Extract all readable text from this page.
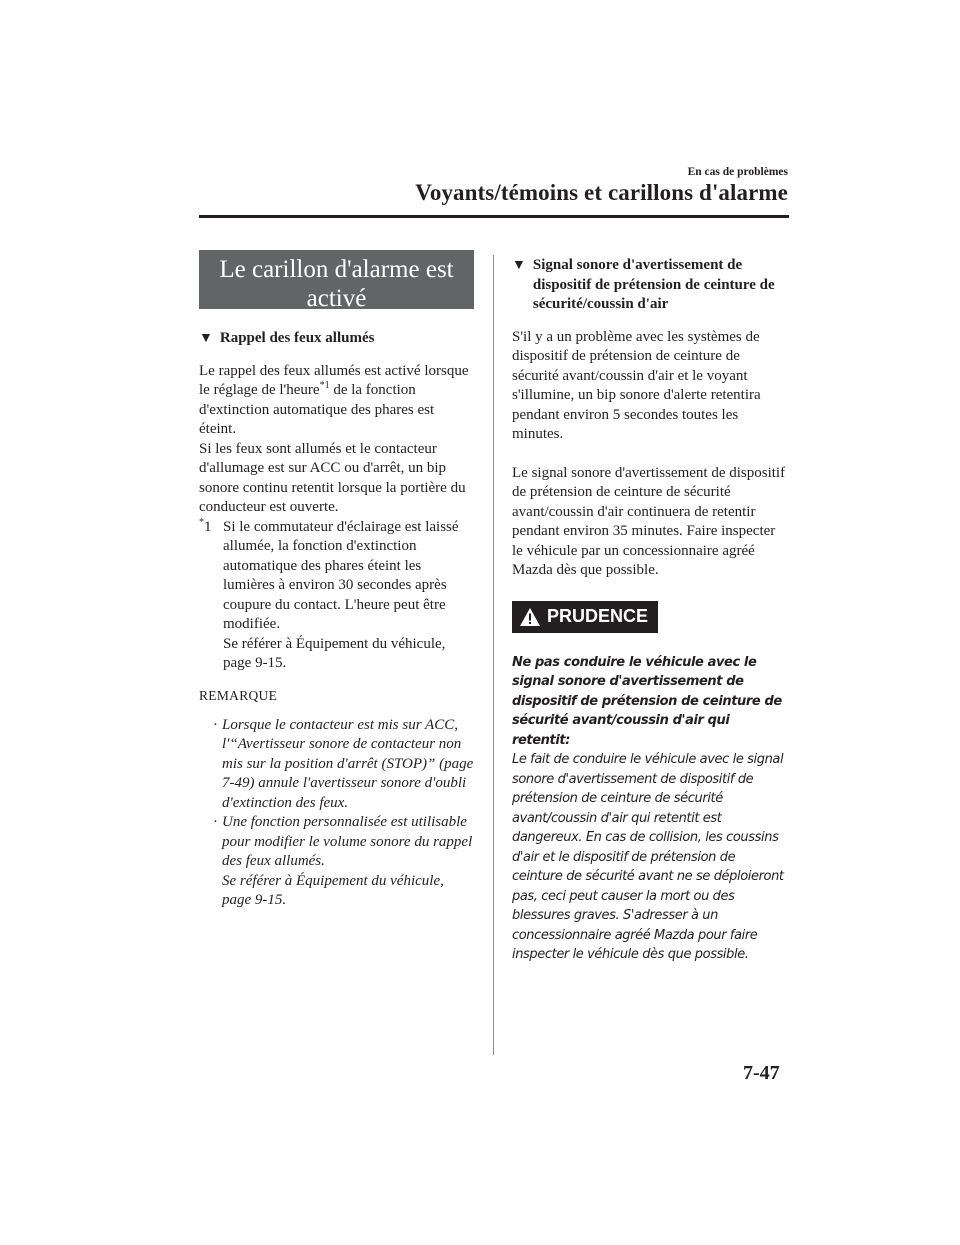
En cas de problèmes
Voyants/témoins et carillons d'alarme
Le carillon d'alarme est activé
▼ Rappel des feux allumés

Le rappel des feux allumés est activé lorsque le réglage de l'heure$^{*1}$ de la fonction d'extinction automatique des phares est éteint.

Si les feux sont allumés et le contacteur d'allumage est sur ACC ou d'arrêt, un bip sonore continu retentit lorsque la portière du conducteur est ouverte.

*1 Si le commutateur d'éclairage est laissé allumée, la fonction d'extinction automatique des phares éteint les lumières à environ 30 secondes après coupure du contact. L'heure peut être modifiée.
Se référer à Équipement du véhicule, page 9-15.
REMARQUE
· Lorsque le contacteur est mis sur ACC, l'“Avertisseur sonore de contacteur non mis sur la position d'arrêt (STOP)” (page 7-49) annule l'avertisseur sonore d'oubli d'extinction des feux.
· Une fonction personnalisée est utilisable pour modifier le volume sonore du rappel des feux allumés.
Se référer à Équipement du véhicule, page 9-15.
▼ Signal sonore d'avertissement de dispositif de prétension de ceinture de sécurité/coussin d'air

S'il y a un problème avec les systèmes de dispositif de prétension de ceinture de sécurité avant/coussin d'air et le voyant s'illumine, un bip sonore d'alerte retentira pendant environ 5 secondes toutes les minutes.

Le signal sonore d'avertissement de dispositif de prétension de ceinture de sécurité avant/coussin d'air continuera de retentir pendant environ 35 minutes. Faire inspecter le véhicule par un concessionnaire agréé Mazda dès que possible.

PRUDENCE
Ne pas conduire le véhicule avec le signal sonore d'avertissement de dispositif de prétension de ceinture de sécurité avant/coussin d'air qui retentit:
Le fait de conduire le véhicule avec le signal sonore d'avertissement de dispositif de prétension de ceinture de sécurité avant/coussin d'air qui retentit est dangereux. En cas de collision, les coussins d'air et le dispositif de prétension de ceinture de sécurité avant ne se déploieront pas, ceci peut causer la mort ou des blessures graves. S'adresser à un concessionnaire agréé Mazda pour faire inspecter le véhicule dès que possible.
7-47
